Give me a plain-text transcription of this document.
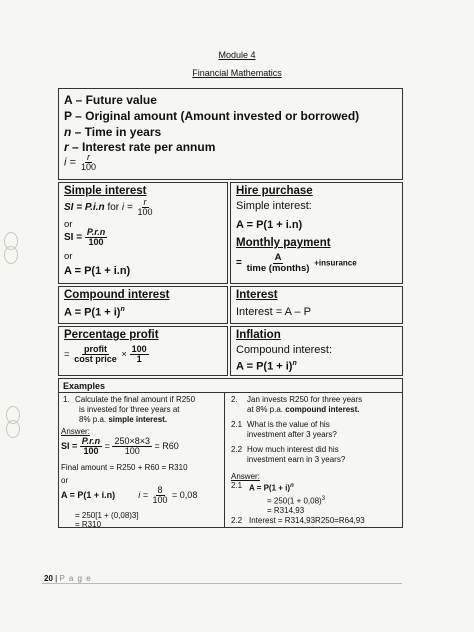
Module 4
Financial Mathematics
A – Future value
P – Original amount (Amount invested or borrowed)
n – Time in years
r – Interest rate per annum
$i = \frac{r}{100}$
Simple interest
SI = P.i.n for $i = \frac{r}{100}$
or
SI = $\frac{P.r.n}{100}$
or
A = P(1 + i.n)
Hire purchase
Simple interest:
A = P(1 + i.n)
Monthly payment
= $\frac{A}{\text{time (months)}}$ +insurance
Compound interest
$A = P(1 + i)^n$
Interest
Interest = A – P
Percentage profit
= $\frac{\text{profit}}{\text{cost price}} \times \frac{100}{1}$
Inflation
Compound interest:
$A = P(1 + i)^n$
Examples
1. Calculate the final amount if R250
is invested for three years at
8% p.a. simple interest.
Answer:
SI = $\frac{P.r.n}{100} = \frac{250\times 8\times 3}{100} = R60$
Final amount = R250 + R60 = R310
or
A = P(1 + i.n)	$i = \frac{8}{100} = 0,08$
= 250[1 + (0,08)3]
= R310
2. Jan invests R250 for three years
at 8% p.a. compound interest.
2.1 What is the value of his
investment after 3 years?
2.2 How much interest did his
investment earn in 3 years?
Answer:
2.1 $A = P(1 + i)^n$
= $250(1 + 0,08)^3$
= R314,93
2.2 Interest = R314,93R250=R64,93
20 | P a g e
